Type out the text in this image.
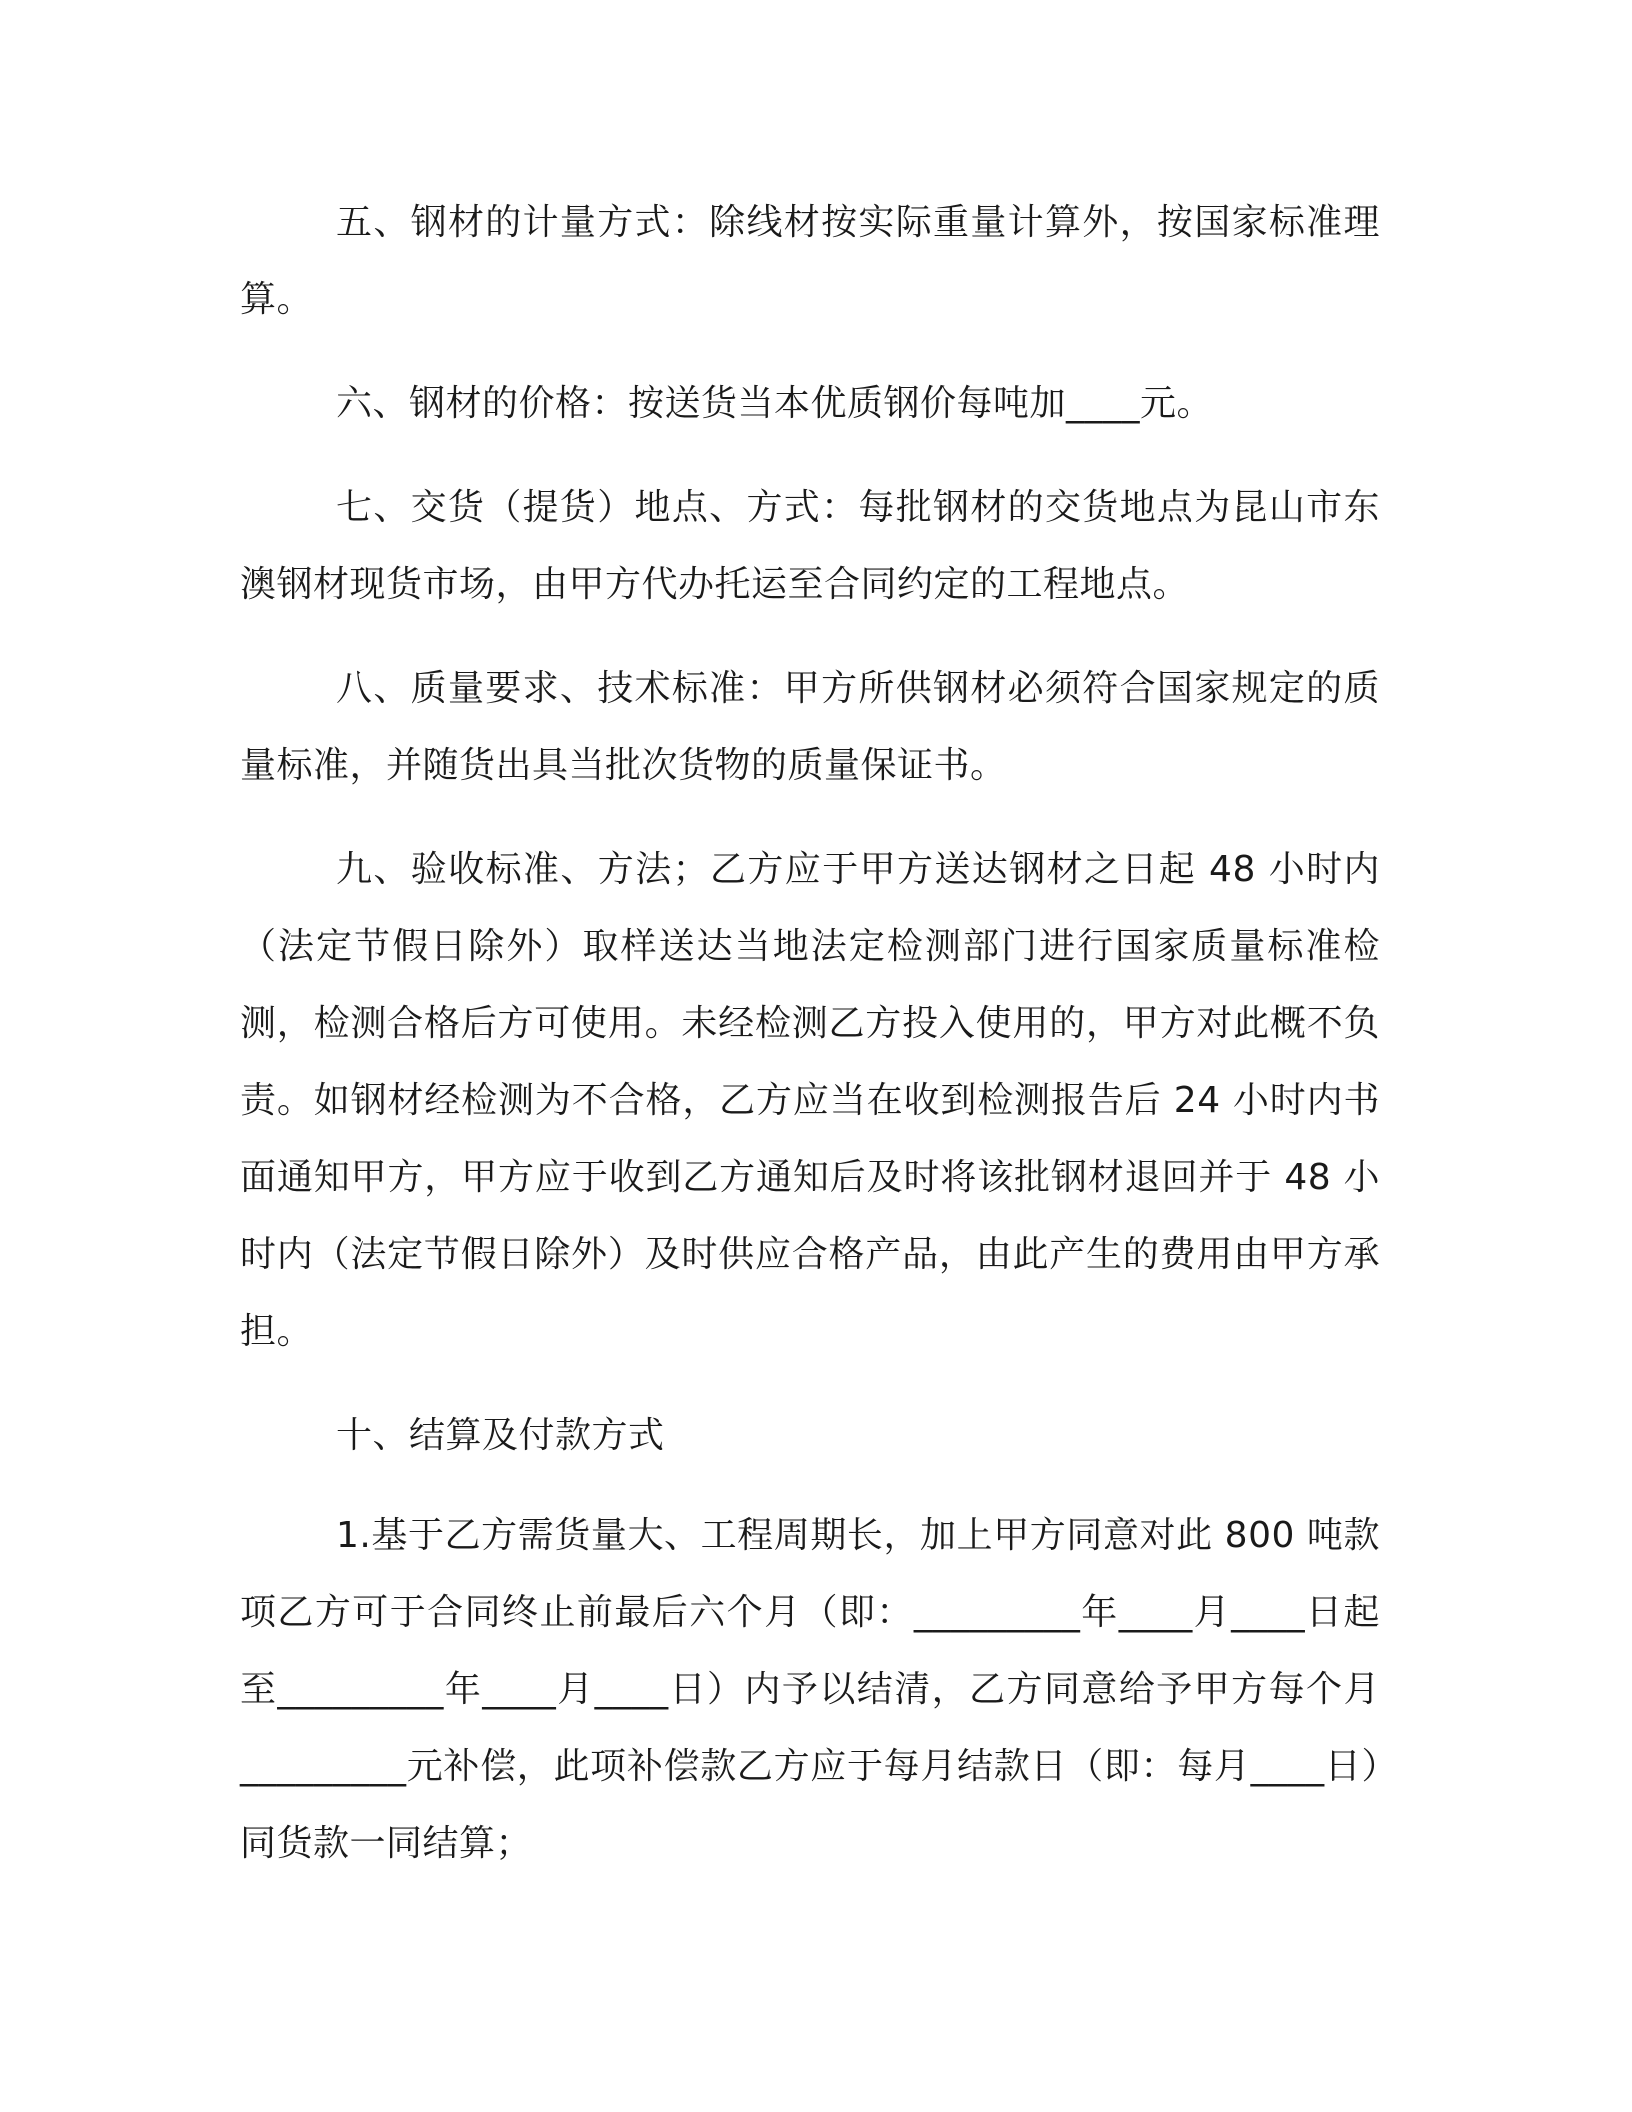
五、钢材的计量方式：除线材按实际重量计算外，按国家标准理算。

六、钢材的价格：按送货当本优质钢价每吨加____元。

七、交货（提货）地点、方式：每批钢材的交货地点为昆山市东澳钢材现货市场，由甲方代办托运至合同约定的工程地点。

八、质量要求、技术标准：甲方所供钢材必须符合国家规定的质量标准，并随货出具当批次货物的质量保证书。

九、验收标准、方法；乙方应于甲方送达钢材之日起 48 小时内（法定节假日除外）取样送达当地法定检测部门进行国家质量标准检测，检测合格后方可使用。未经检测乙方投入使用的，甲方对此概不负责。如钢材经检测为不合格，乙方应当在收到检测报告后 24 小时内书面通知甲方，甲方应于收到乙方通知后及时将该批钢材退回并于 48 小时内（法定节假日除外）及时供应合格产品，由此产生的费用由甲方承担。

十、结算及付款方式

1.基于乙方需货量大、工程周期长，加上甲方同意对此 800 吨款项乙方可于合同终止前最后六个月（即：_________年____月____日起至_________年____月____日）内予以结清，乙方同意给予甲方每个月_________元补偿，此项补偿款乙方应于每月结款日（即：每月____日）同货款一同结算；
